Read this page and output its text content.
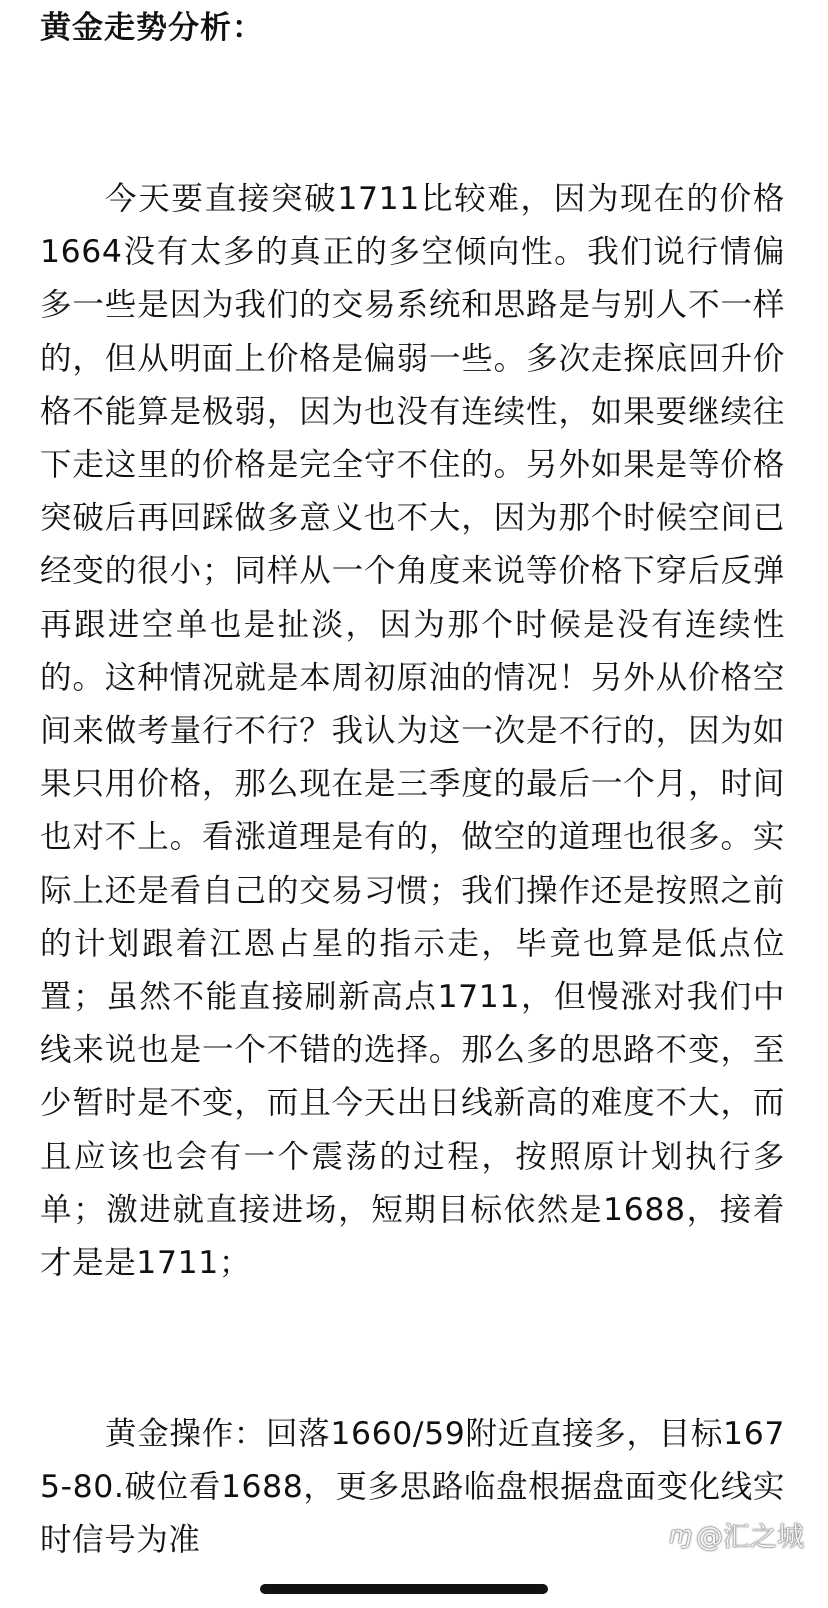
黄金走势分析：

今天要直接突破1711比较难，因为现在的价格1664没有太多的真正的多空倾向性。我们说行情偏多一些是因为我们的交易系统和思路是与别人不一样的，但从明面上价格是偏弱一些。多次走探底回升价格不能算是极弱，因为也没有连续性，如果要继续往下走这里的价格是完全守不住的。另外如果是等价格突破后再回踩做多意义也不大，因为那个时候空间已经变的很小；同样从一个角度来说等价格下穿后反弹再跟进空单也是扯淡，因为那个时候是没有连续性的。这种情况就是本周初原油的情况！另外从价格空间来做考量行不行？我认为这一次是不行的，因为如果只用价格，那么现在是三季度的最后一个月，时间也对不上。看涨道理是有的，做空的道理也很多。实际上还是看自己的交易习惯；我们操作还是按照之前的计划跟着江恩占星的指示走，毕竟也算是低点位置；虽然不能直接刷新高点1711，但慢涨对我们中线来说也是一个不错的选择。那么多的思路不变，至少暂时是不变，而且今天出日线新高的难度不大，而且应该也会有一个震荡的过程，按照原计划执行多单；激进就直接进场，短期目标依然是1688，接着才是是1711；

黄金操作：回落1660/59附近直接多，目标1675-80.破位看1688，更多思路临盘根据盘面变化线实时信号为准	ɱ @汇之城
